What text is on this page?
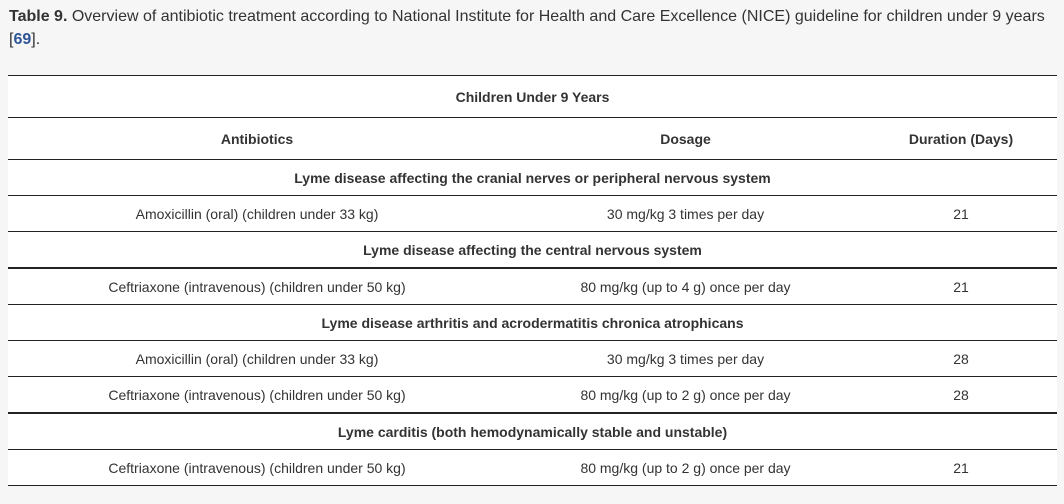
Table 9. Overview of antibiotic treatment according to National Institute for Health and Care Excellence (NICE) guideline for children under 9 years [69].
Children Under 9 Years		
Antibiotics	Dosage	Duration (Days)
Lyme disease affecting the cranial nerves or peripheral nervous system		
Amoxicillin (oral) (children under 33 kg)	30 mg/kg 3 times per day	21
Lyme disease affecting the central nervous system		
Ceftriaxone (intravenous) (children under 50 kg)	80 mg/kg (up to 4 g) once per day	21
Lyme disease arthritis and acrodermatitis chronica atrophicans		
Amoxicillin (oral) (children under 33 kg)	30 mg/kg 3 times per day	28
Ceftriaxone (intravenous) (children under 50 kg)	80 mg/kg (up to 2 g) once per day	28
Lyme carditis (both hemodynamically stable and unstable)		
Ceftriaxone (intravenous) (children under 50 kg)	80 mg/kg (up to 2 g) once per day	21
